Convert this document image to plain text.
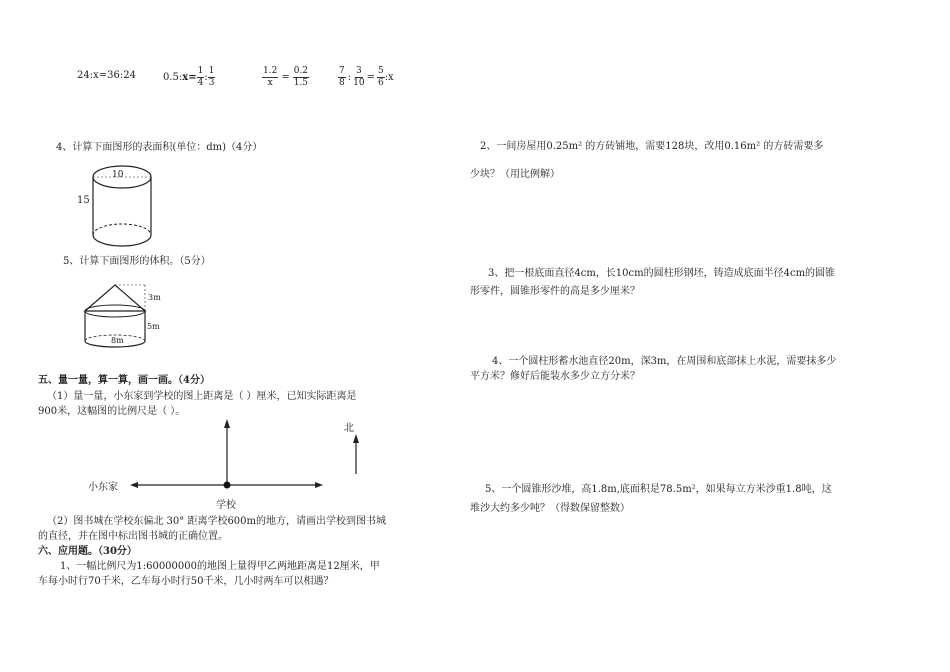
24:x=36:24	0.5:x= $\frac{1}{4}$ : $\frac{1}{3}$	$\frac{1.2}{x} = \frac{0.2}{1.5}$	$\frac{7}{8}$ : $\frac{3}{10} = \frac{5}{6}$ :x
4、计算下面图形的表面积(单位：dm)（4分）
10
15
5、计算下面图形的体积。（5分）
3m
5m
8m
五、量一量，算一算，画一画。（4分）
（1）量一量，小东家到学校的图上距离是（ ）厘米，已知实际距离是
900米，这幅图的比例尺是（ ）。
北
小东家
学校
（2）图书城在学校东偏北 30° 距离学校600m的地方，请画出学校到图书城
的直径，并在图中标出图书城的正确位置。
六、应用题。（30分）
1、一幅比例尺为1:60000000的地图上量得甲乙两地距离是12厘米，甲
车每小时行70千米，乙车每小时行50千米，几小时两车可以相遇？
2、一间房屋用0.25m² 的方砖铺地，需要128块，改用0.16m² 的方砖需要多
少块？（用比例解）
3、把一根底面直径4cm，长10cm的圆柱形钢坯，铸造成底面半径4cm的圆锥
形零件，圆锥形零件的高是多少厘米？
4、一个圆柱形蓄水池直径20m，深3m，在周围和底部抹上水泥，需要抹多少
平方米？修好后能装水多少立方分米？
5、一个圆锥形沙堆，高1.8m,底面积是78.5m²，如果每立方米沙重1.8吨，这
堆沙大约多少吨？（得数保留整数）
